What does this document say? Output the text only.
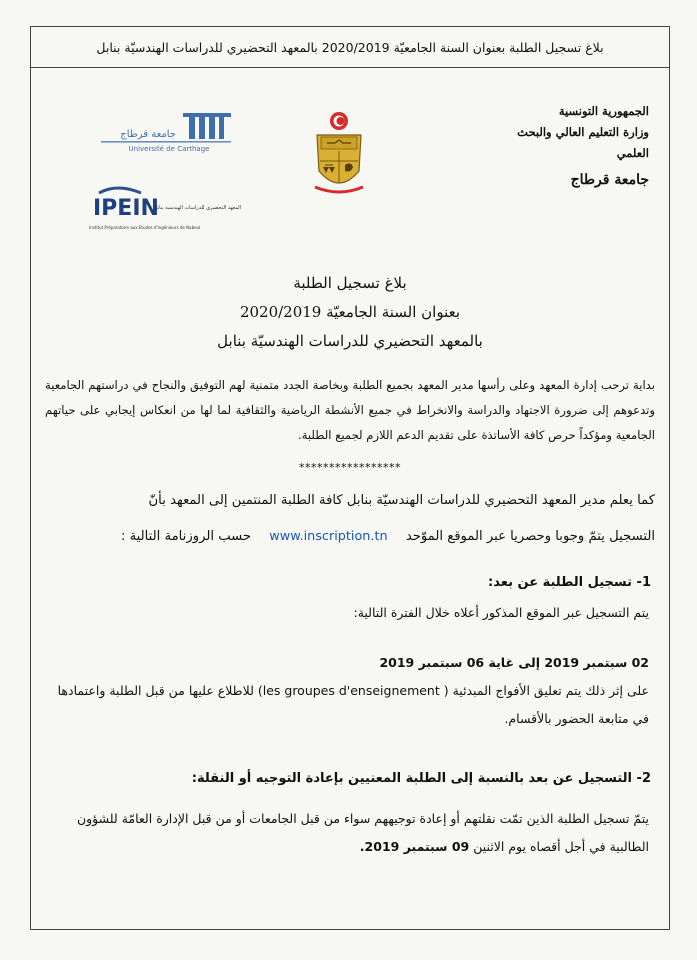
بلاغ تسجيل الطلبة بعنوان السنة الجامعيّة 2020/2019 بالمعهد التحضيري للدراسات الهندسيّة بنابل
الجمهورية التونسية
وزارة التعليم العالي والبحث العلمي
جامعة قرطاج
جامعة قرطاج
Université de Carthage
IPEIN
المعهد التحضيري للدراسات الهندسية بنابل
Institut Préparatoire aux Etudes d'Ingénieurs de Nabeul
بلاغ تسجيل الطلبة
بعنوان السنة الجامعيّة 2020/2019
بالمعهد التحضيري للدراسات الهندسيّة بنابل
بداية ترحب إدارة المعهد وعلى رأسها مدير المعهد بجميع الطلبة وبخاصة الجدد متمنية لهم التوفيق والنجاح في دراستهم الجامعية وتدعوهم إلى ضرورة الاجتهاد والدراسة والانخراط في جميع الأنشطة الرياضية والثقافية لما لها من انعكاس إيجابي على حياتهم الجامعية ومؤكداً حرص كافة الأساتذة على تقديم الدعم اللازم لجميع الطلبة.
*****************
كما يعلم مدير المعهد التحضيري للدراسات الهندسيّة بنابل كافة الطلبة المنتمين إلى المعهد بأنّ
التسجيل يتمّ وجوبا وحصريا عبر الموقع الموّحد www.inscription.tn حسب الروزنامة التالية :
1- تسجيل الطلبة عن بعد:
يتم التسجيل عبر الموقع المذكور أعلاه خلال الفترة التالية:
02 سبتمبر 2019 إلى غاية 06 سبتمبر 2019
على إثر ذلك يتم تعليق الأفواج المبدئية ( les groupes d'enseignement) للاطلاع عليها من قبل الطلبة واعتمادها في متابعة الحضور بالأقسام.
2- التسجيل عن بعد بالنسبة إلى الطلبة المعنيين بإعادة التوجيه أو النقلة:
يتمّ تسجيل الطلبة الذين تمّت نقلتهم أو إعادة توجيههم سواء من قبل الجامعات أو من قبل الإدارة العامّة للشؤون الطالبية في أجل أقصاه يوم الاثنين 09 سبتمبر 2019.
